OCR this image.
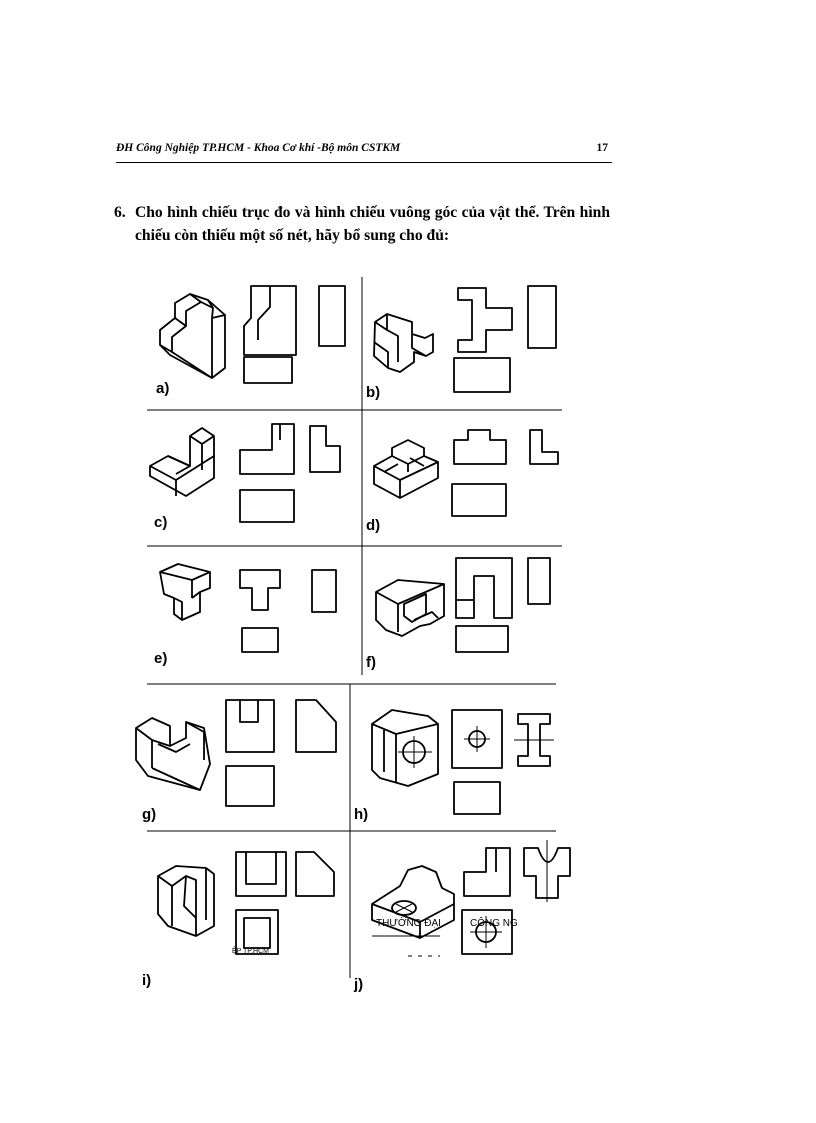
ĐH Công Nghiệp TP.HCM - Khoa Cơ khí -Bộ môn CSTKM	17
6. Cho hình chiếu trục đo và hình chiếu vuông góc của vật thể. Trên hình chiếu còn thiếu một số nét, hãy bổ sung cho đủ:
a)	b)
c)	d)
e)	f)
g)	h)
i)	j)
THƯỜNG ĐẠI	CÔNG NG
ỆP TP.HCM
